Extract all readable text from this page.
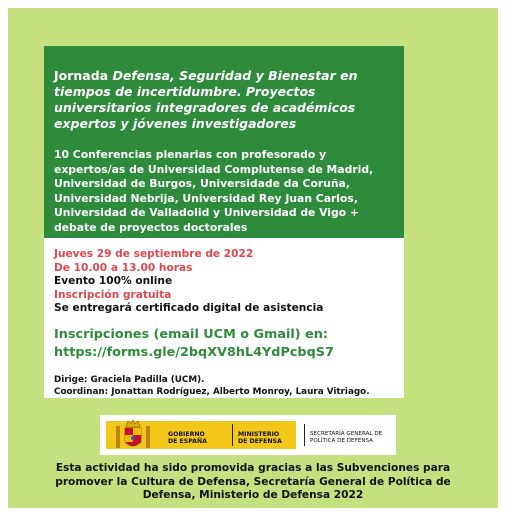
Jornada Defensa, Seguridad y Bienestar en tiempos de incertidumbre. Proyectos universitarios integradores de académicos expertos y jóvenes investigadores

10 Conferencias plenarias con profesorado y expertos/as de Universidad Complutense de Madrid, Universidad de Burgos, Universidade da Coruña, Universidad Nebrija, Universidad Rey Juan Carlos, Universidad de Valladolid y Universidad de Vigo + debate de proyectos doctorales

Jueves 29 de septiembre de 2022
De 10.00 a 13.00 horas
Evento 100% online
Inscripción gratuita
Se entregará certificado digital de asistencia
Inscripciones (email UCM o Gmail) en:
https://forms.gle/2bqXV8hL4YdPcbqS7
Dirige: Graciela Padilla (UCM).
Coordinan: Jonattan Rodríguez, Alberto Monroy, Laura Vitriago.
GOBIERNO
DE ESPAÑA
MINISTERIO
DE DEFENSA
SECRETARÍA GENERAL DE
POLÍTICA DE DEFENSA
Esta actividad ha sido promovida gracias a las Subvenciones para promover la Cultura de Defensa, Secretaría General de Política de Defensa, Ministerio de Defensa 2022
